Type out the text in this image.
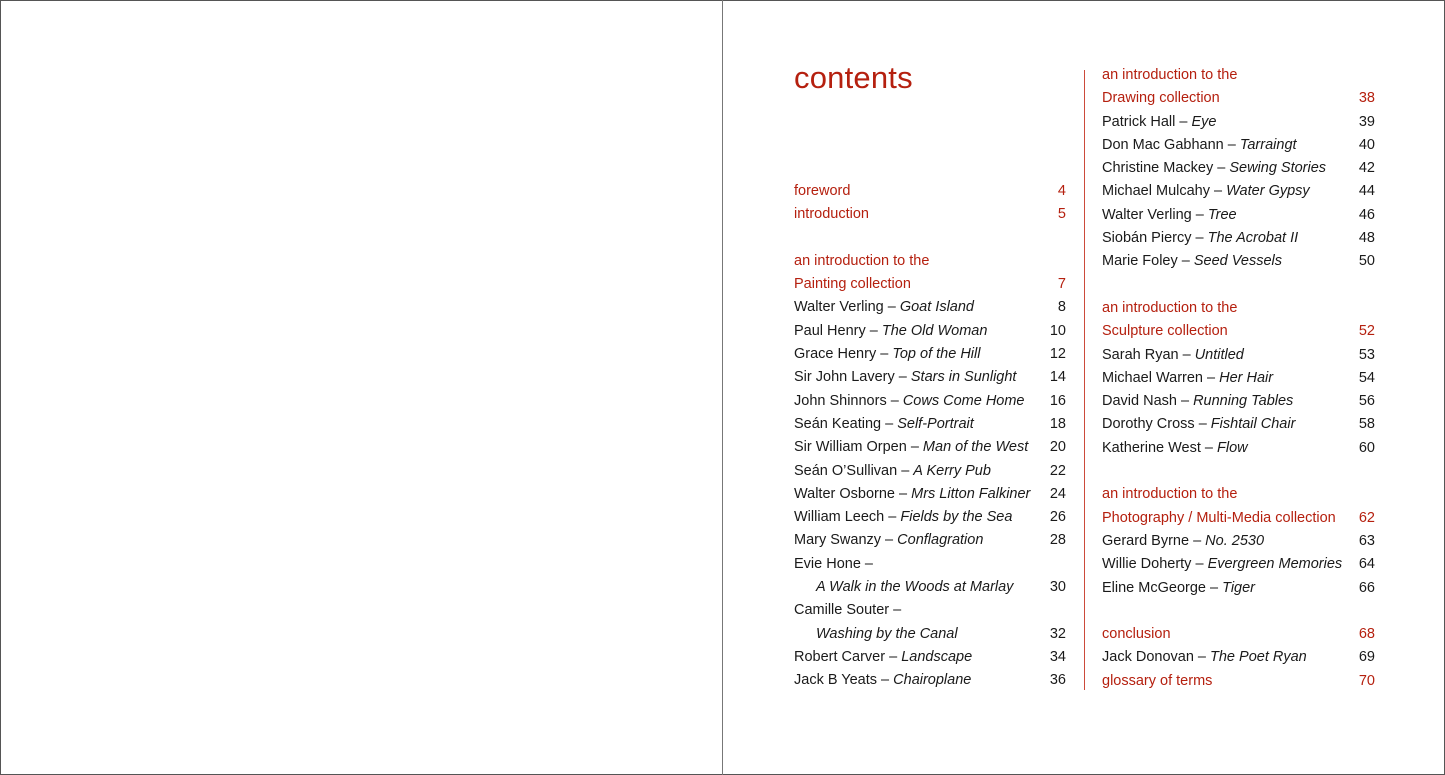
contents
foreword	4
introduction	5
an introduction to the
Painting collection	7
Walter Verling – Goat Island	8
Paul Henry – The Old Woman	10
Grace Henry – Top of the Hill	12
Sir John Lavery – Stars in Sunlight 14
John Shinnors – Cows Come Home 16
Seán Keating – Self-Portrait	18
Sir William Orpen – Man of the West 20
Seán O’Sullivan – A Kerry Pub	22
Walter Osborne – Mrs Litton Falkiner 24
William Leech – Fields by the Sea	26
Mary Swanzy – Conflagration	28
Evie Hone –
A Walk in the Woods at Marlay	30
Camille Souter –
Washing by the Canal	32
Robert Carver – Landscape	34
Jack B Yeats – Chairoplane	36
an introduction to the
Drawing collection	38
Patrick Hall – Eye	39
Don Mac Gabhann – Tarraingt	40
Christine Mackey – Sewing Stories 42
Michael Mulcahy – Water Gypsy	44
Walter Verling – Tree	46
Siobán Piercy – The Acrobat II	48
Marie Foley – Seed Vessels	50
an introduction to the
Sculpture collection	52
Sarah Ryan – Untitled	53
Michael Warren – Her Hair	54
David Nash – Running Tables	56
Dorothy Cross – Fishtail Chair	58
Katherine West – Flow	60
an introduction to the
Photography / Multi-Media collection 62
Gerard Byrne – No. 2530	63
Willie Doherty – Evergreen Memories 64
Eline McGeorge – Tiger	66
conclusion	68
Jack Donovan – The Poet Ryan	69
glossary of terms	70
